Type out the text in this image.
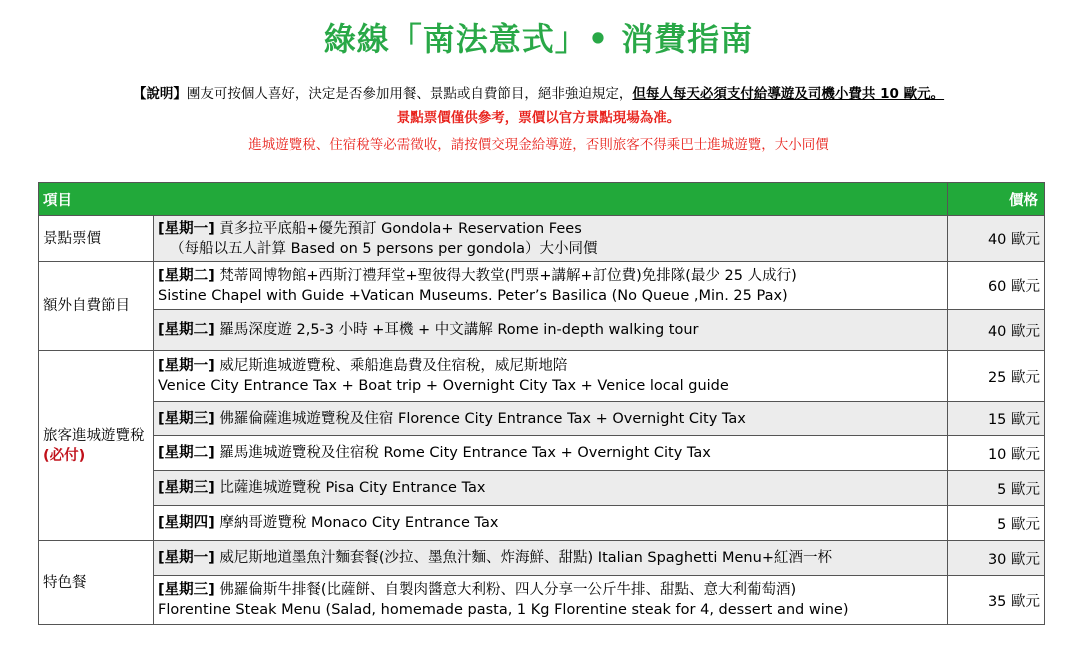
綠線「南法意式」• 消費指南
【說明】團友可按個人喜好，決定是否參加用餐、景點或自費節目，絕非強迫規定，但每人每天必須支付給導遊及司機小費共 10 歐元。
景點票價僅供參考，票價以官方景點現場為准。
進城遊覽稅、住宿稅等必需徵收，請按價交現金給導遊，否則旅客不得乘巴士進城遊覽，大小同價
項目		價格
景點票價	[星期一] 貢多拉平底船+優先預訂 Gondola+ Reservation Fees
（每船以五人計算 Based on 5 persons per gondola）大小同價	40 歐元
額外自費節目	[星期二] 梵蒂岡博物館+西斯汀禮拜堂+聖彼得大教堂(門票+講解+訂位費)免排隊(最少 25 人成行)
Sistine Chapel with Guide +Vatican Museums. Peter’s Basilica (No Queue ,Min. 25 Pax)	60 歐元
	[星期二] 羅馬深度遊 2,5-3 小時 +耳機 + 中文講解 Rome in-depth walking tour	40 歐元
旅客進城遊覽稅(必付)	[星期一] 威尼斯進城遊覽稅、乘船進島費及住宿稅，威尼斯地陪
Venice City Entrance Tax + Boat trip + Overnight City Tax + Venice local guide	25 歐元
	[星期三] 佛羅倫薩進城遊覽稅及住宿 Florence City Entrance Tax + Overnight City Tax	15 歐元
	[星期二] 羅馬進城遊覽稅及住宿稅 Rome City Entrance Tax + Overnight City Tax	10 歐元
	[星期三] 比薩進城遊覽稅 Pisa City Entrance Tax	5 歐元
	[星期四] 摩納哥遊覽稅 Monaco City Entrance Tax	5 歐元
特色餐	[星期一] 威尼斯地道墨魚汁麵套餐(沙拉、墨魚汁麵、炸海鮮、甜點) Italian Spaghetti Menu+紅酒一杯	30 歐元
	[星期三] 佛羅倫斯牛排餐(比薩餅、自製肉醬意大利粉、四人分享一公斤牛排、甜點、意大利葡萄酒)
Florentine Steak Menu (Salad, homemade pasta, 1 Kg Florentine steak for 4, dessert and wine)	35 歐元
